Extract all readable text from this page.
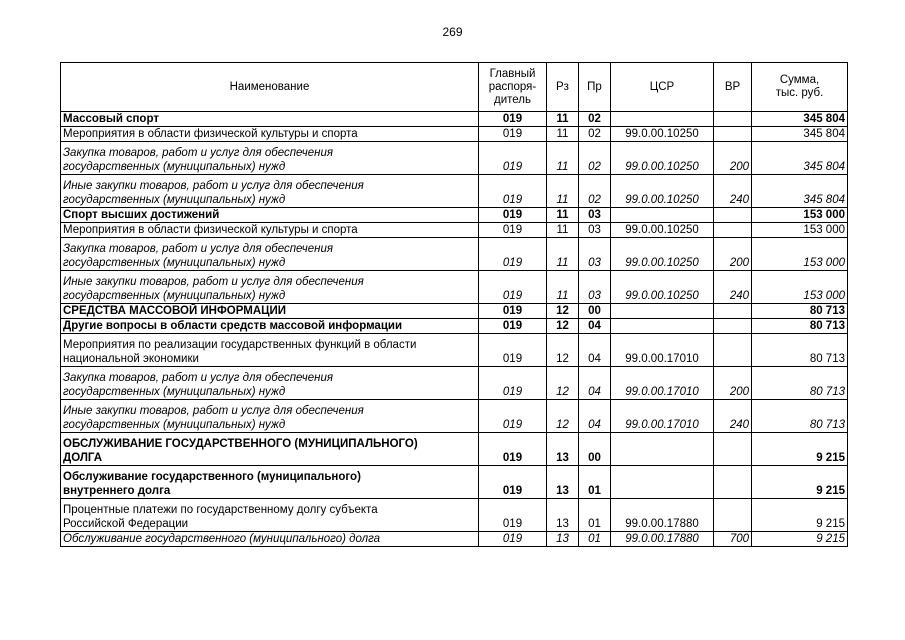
269
Наименование	Главный
распоря-
дитель	Рз	Пр	ЦСР	ВР	Сумма,
тыс. руб.
Массовый спорт	019	11	02			345 804
Мероприятия в области физической культуры и спорта	019	11	02	99.0.00.10250		345 804
Закупка товаров, работ и услуг для обеспечения
государственных (муниципальных) нужд	019	11	02	99.0.00.10250	200	345 804
Иные закупки товаров, работ и услуг для обеспечения
государственных (муниципальных) нужд	019	11	02	99.0.00.10250	240	345 804
Спорт высших достижений	019	11	03			153 000
Мероприятия в области физической культуры и спорта	019	11	03	99.0.00.10250		153 000
Закупка товаров, работ и услуг для обеспечения
государственных (муниципальных) нужд	019	11	03	99.0.00.10250	200	153 000
Иные закупки товаров, работ и услуг для обеспечения
государственных (муниципальных) нужд	019	11	03	99.0.00.10250	240	153 000
СРЕДСТВА МАССОВОЙ ИНФОРМАЦИИ	019	12	00			80 713
Другие вопросы в области средств массовой информации	019	12	04			80 713
Мероприятия по реализации государственных функций в области
национальной экономики	019	12	04	99.0.00.17010		80 713
Закупка товаров, работ и услуг для обеспечения
государственных (муниципальных) нужд	019	12	04	99.0.00.17010	200	80 713
Иные закупки товаров, работ и услуг для обеспечения
государственных (муниципальных) нужд	019	12	04	99.0.00.17010	240	80 713
ОБСЛУЖИВАНИЕ ГОСУДАРСТВЕННОГО (МУНИЦИПАЛЬНОГО)
ДОЛГА	019	13	00			9 215
Обслуживание государственного (муниципального)
внутреннего долга	019	13	01			9 215
Процентные платежи по государственному долгу субъекта
Российской Федерации	019	13	01	99.0.00.17880		9 215
Обслуживание государственного (муниципального) долга	019	13	01	99.0.00.17880	700	9 215
